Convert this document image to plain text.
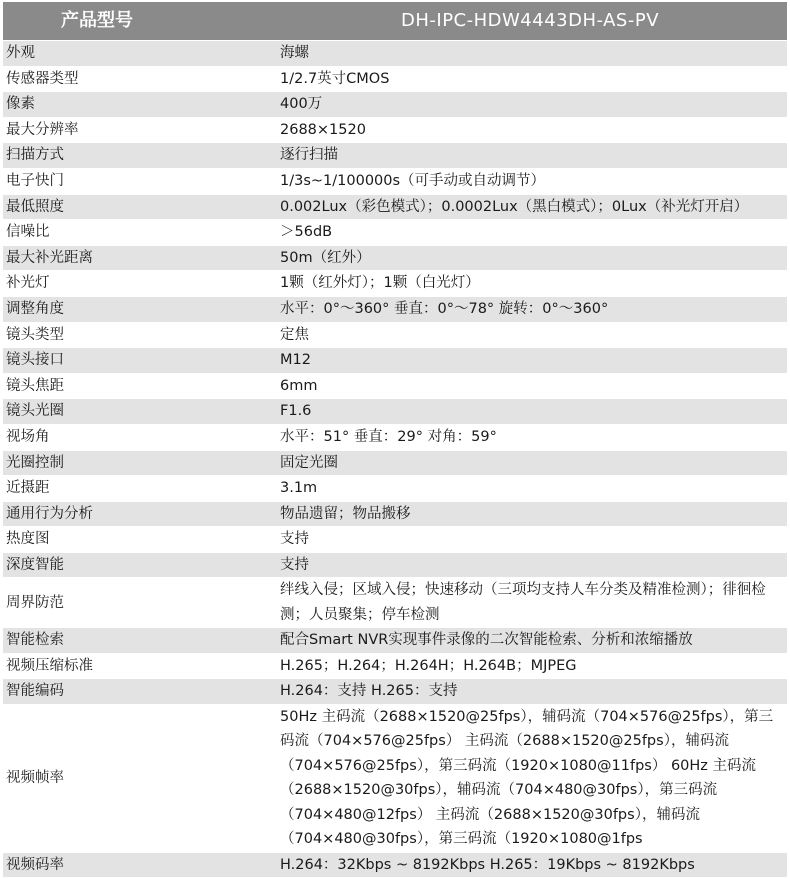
产品型号	DH-IPC-HDW4443DH-AS-PV
外观	海螺
传感器类型	1/2.7英寸CMOS
像素	400万
最大分辨率	2688×1520
扫描方式	逐行扫描
电子快门	1/3s~1/100000s（可手动或自动调节）
最低照度	0.002Lux（彩色模式）；0.0002Lux（黑白模式）；0Lux（补光灯开启）
信噪比	＞56dB
最大补光距离	50m（红外）
补光灯	1颗（红外灯）；1颗（白光灯）
调整角度	水平：0°～360° 垂直：0°～78° 旋转：0°～360°
镜头类型	定焦
镜头接口	M12
镜头焦距	6mm
镜头光圈	F1.6
视场角	水平：51° 垂直：29° 对角：59°
光圈控制	固定光圈
近摄距	3.1m
通用行为分析	物品遗留；物品搬移
热度图	支持
深度智能	支持
周界防范	绊线入侵；区域入侵；快速移动（三项均支持人车分类及精准检测）；徘徊检测；人员聚集；停车检测
智能检索	配合Smart NVR实现事件录像的二次智能检索、分析和浓缩播放
视频压缩标准	H.265；H.264；H.264H；H.264B；MJPEG
智能编码	H.264：支持 H.265：支持
视频帧率	50Hz 主码流（2688×1520@25fps），辅码流（704×576@25fps），第三码流（704×576@25fps） 主码流（2688×1520@25fps），辅码流（704×576@25fps），第三码流（1920×1080@11fps） 60Hz 主码流（2688×1520@30fps），辅码流（704×480@30fps），第三码流（704×480@12fps） 主码流（2688×1520@30fps），辅码流（704×480@30fps），第三码流（1920×1080@1fps
视频码率	H.264：32Kbps ~ 8192Kbps H.265：19Kbps ~ 8192Kbps
